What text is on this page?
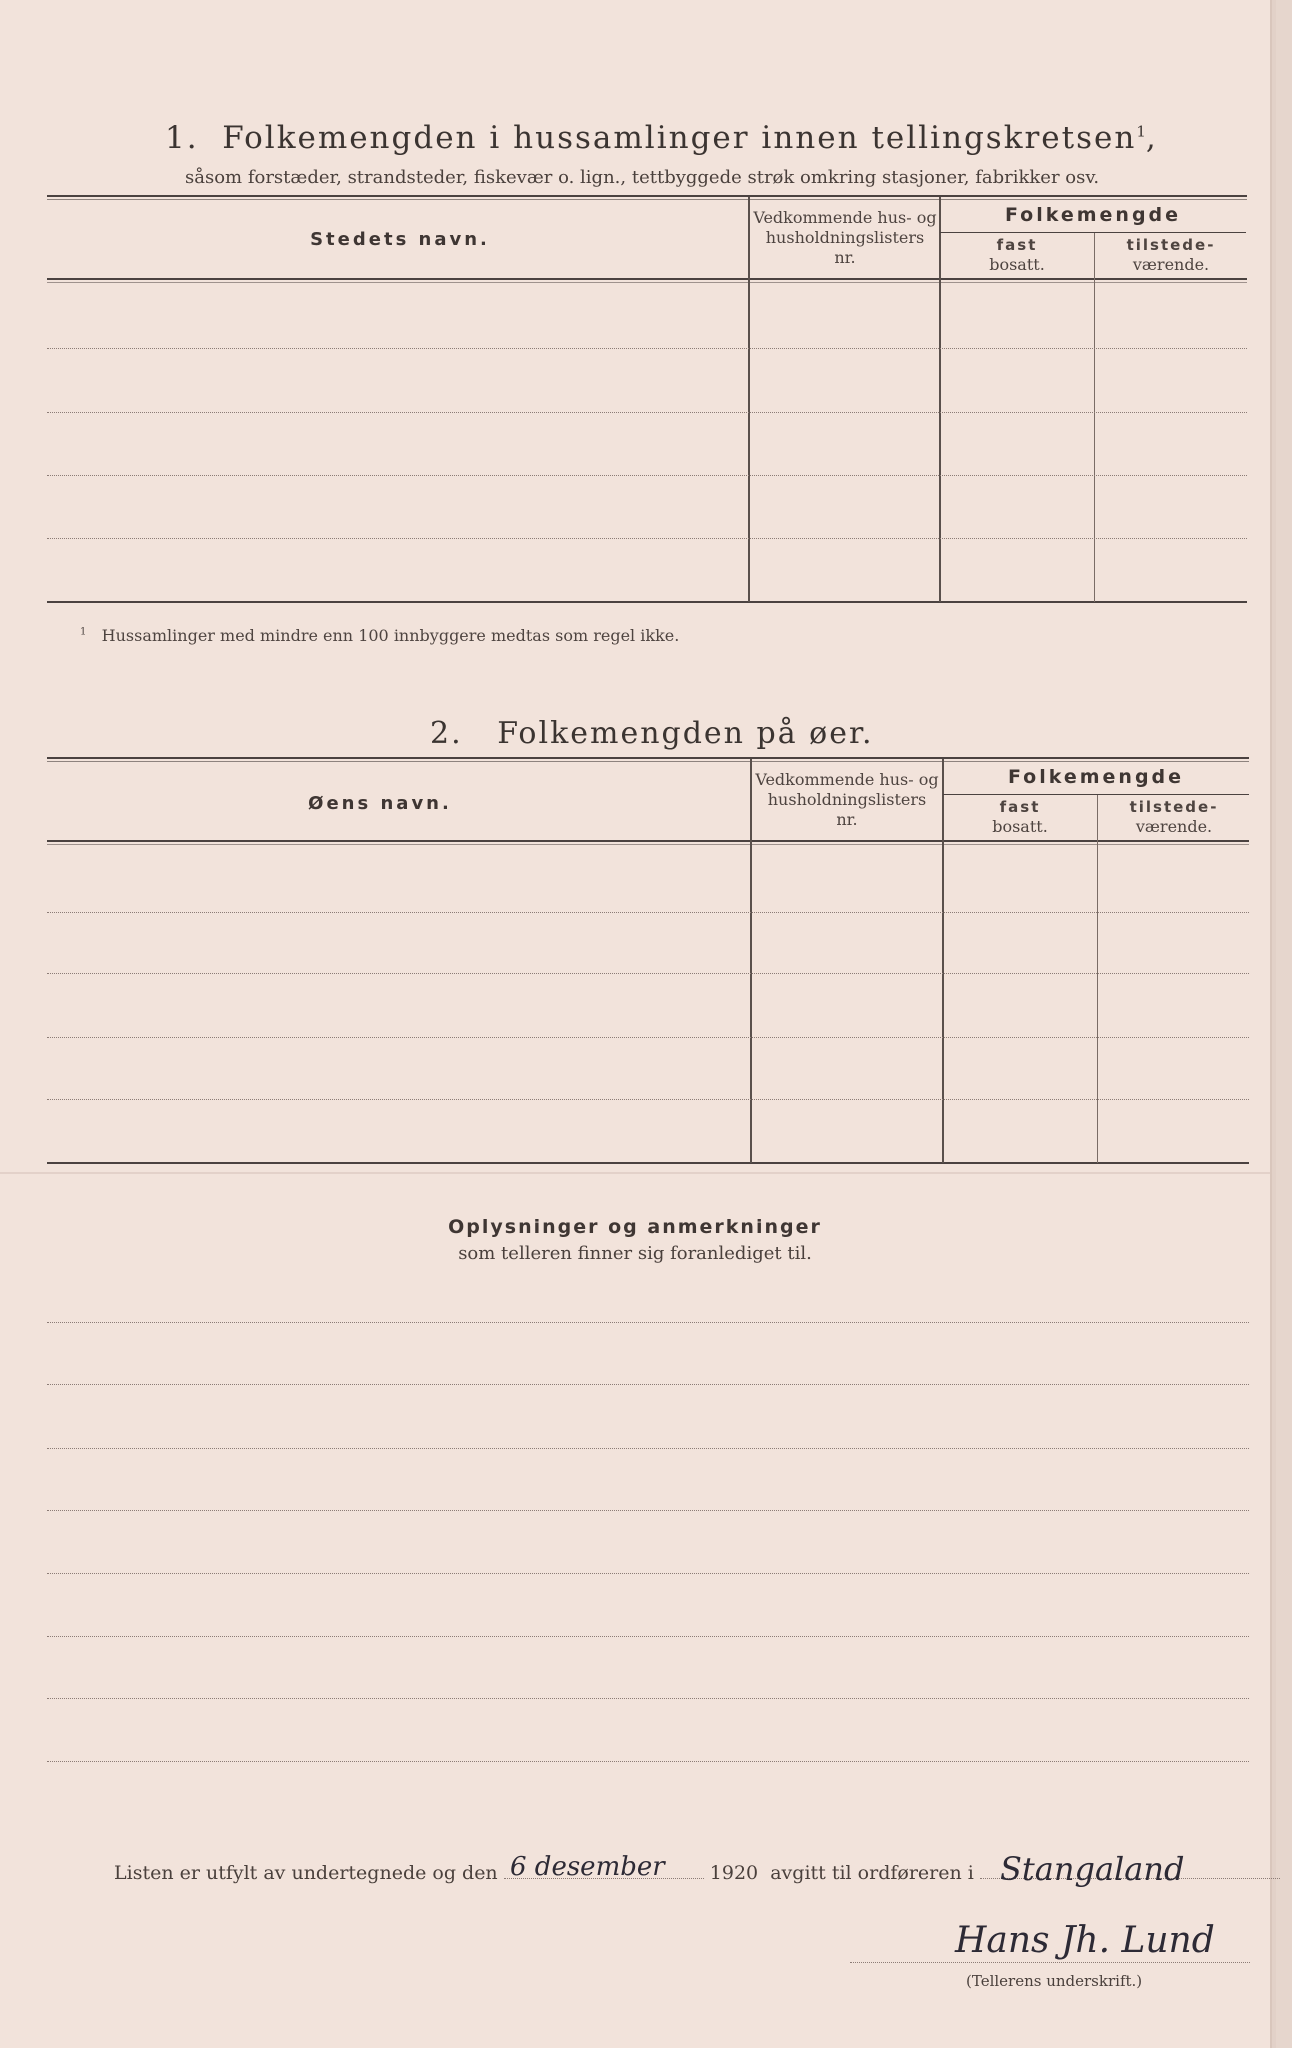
1. Folkemengden i hussamlinger innen tellingskretsen$^1$,
såsom forstæder, strandsteder, fiskevær o. lign., tettbyggede strøk omkring stasjoner, fabrikker osv.
Stedets navn.
Vedkommende hus- og
husholdningslisters
nr.
Folkemengde
fast
bosatt.
tilstede-
værende.
$^1$ Hussamlinger med mindre enn 100 innbyggere medtas som regel ikke.
2. Folkemengden på øer.
Øens navn.
Vedkommende hus- og
husholdningslisters
nr.
Folkemengde
fast
bosatt.
tilstede-
værende.
Oplysninger og anmerkninger
som telleren finner sig foranlediget til.
Listen er utfylt av undertegnede og den	1920 avgitt til ordføreren i
6 desember	Stangaland
Hans Jh. Lund
(Tellerens underskrift.)
